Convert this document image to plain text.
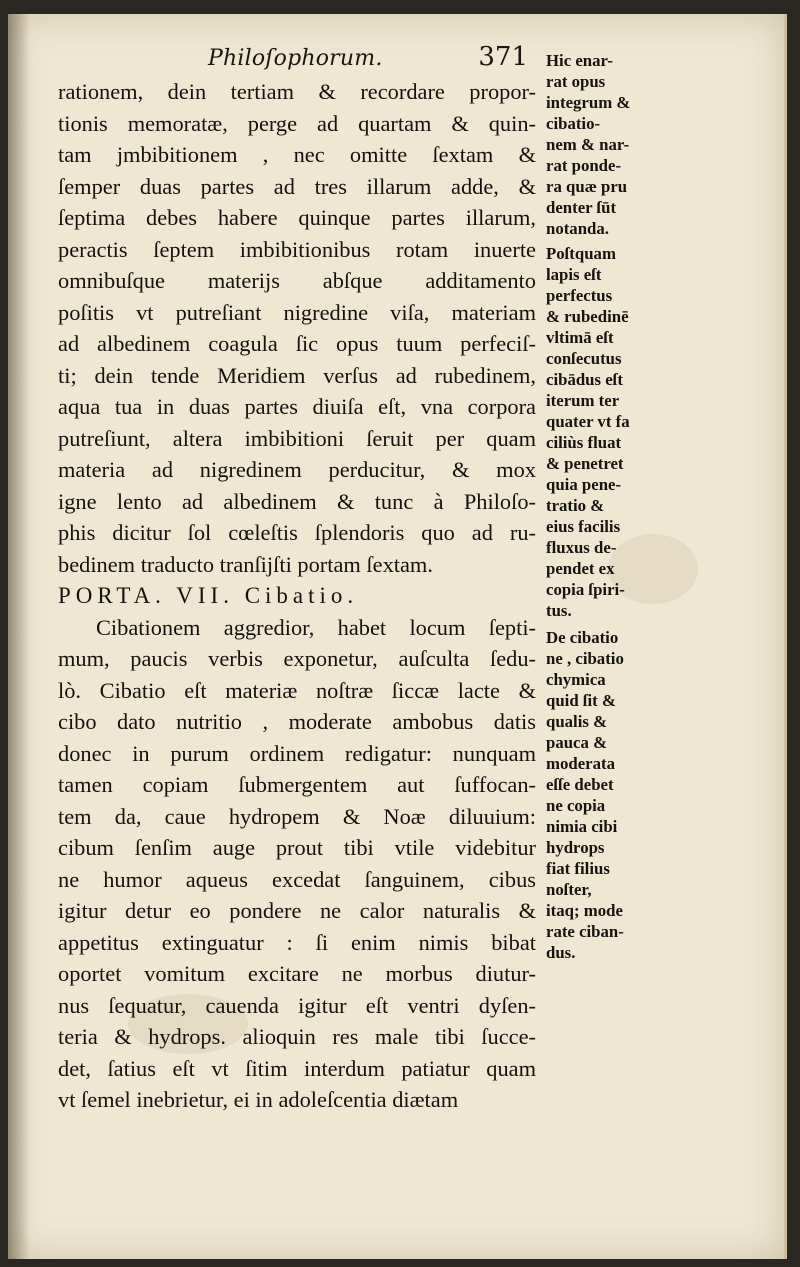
Philoſophorum.	371
rationem, dein tertiam & recordare propor-
tionis memoratæ, perge ad quartam & quin-
tam jmbibitionem , nec omitte ſextam &
ſemper duas partes ad tres illarum adde, &
ſeptima debes habere quinque partes illarum,
peractis ſeptem imbibitionibus rotam inuerte
omnibuſque materijs abſque additamento
poſitis vt putreſiant nigredine viſa, materiam
ad albedinem coagula ſic opus tuum perfeciſ-
ti; dein tende Meridiem verſus ad rubedinem,
aqua tua in duas partes diuiſa eſt, vna corpora
putreſiunt, altera imbibitioni ſeruit per quam
materia ad nigredinem perducitur, & mox
igne lento ad albedinem & tunc à Philoſo-
phis dicitur ſol cœleſtis ſplendoris quo ad ru-
bedinem traducto tranſijſti portam ſextam.
PORTA. VII. Cibatio.
Cibationem aggredior, habet locum ſepti-
mum, paucis verbis exponetur, auſculta ſedu-
lò. Cibatio eſt materiæ noſtræ ſiccæ lacte &
cibo dato nutritio , moderate ambobus datis
donec in purum ordinem redigatur: nunquam
tamen copiam ſubmergentem aut ſuffocan-
tem da, caue hydropem & Noæ diluuium:
cibum ſenſim auge prout tibi vtile videbitur
ne humor aqueus excedat ſanguinem, cibus
igitur detur eo pondere ne calor naturalis &
appetitus extinguatur : ſi enim nimis bibat
oportet vomitum excitare ne morbus diutur-
nus ſequatur, cauenda igitur eſt ventri dyſen-
teria & hydrops. alioquin res male tibi ſucce-
det, ſatius eſt vt ſitim interdum patiatur quam
vt ſemel inebrietur, ei in adoleſcentia diætam
Hic enar-
rat opus
integrum &
cibatio-
nem & nar-
rat ponde-
ra quæ pru
denter ſūt
notanda.
Poſtquam
lapis eſt
perfectus
& rubedinē
vltimā eſt
conſecutus
cibādus eſt
iterum ter
quater vt fa
ciliùs fluat
& penetret
quia pene-
tratio &
eius facilis
fluxus de-
pendet ex
copia ſpiri-
tus.
De cibatio
ne , cibatio
chymica
quid ſit &
qualis &
pauca &
moderata
eſſe debet
ne copia
nimia cibi
hydrops
fiat filius
noſter,
itaq; mode
rate ciban-
dus.
